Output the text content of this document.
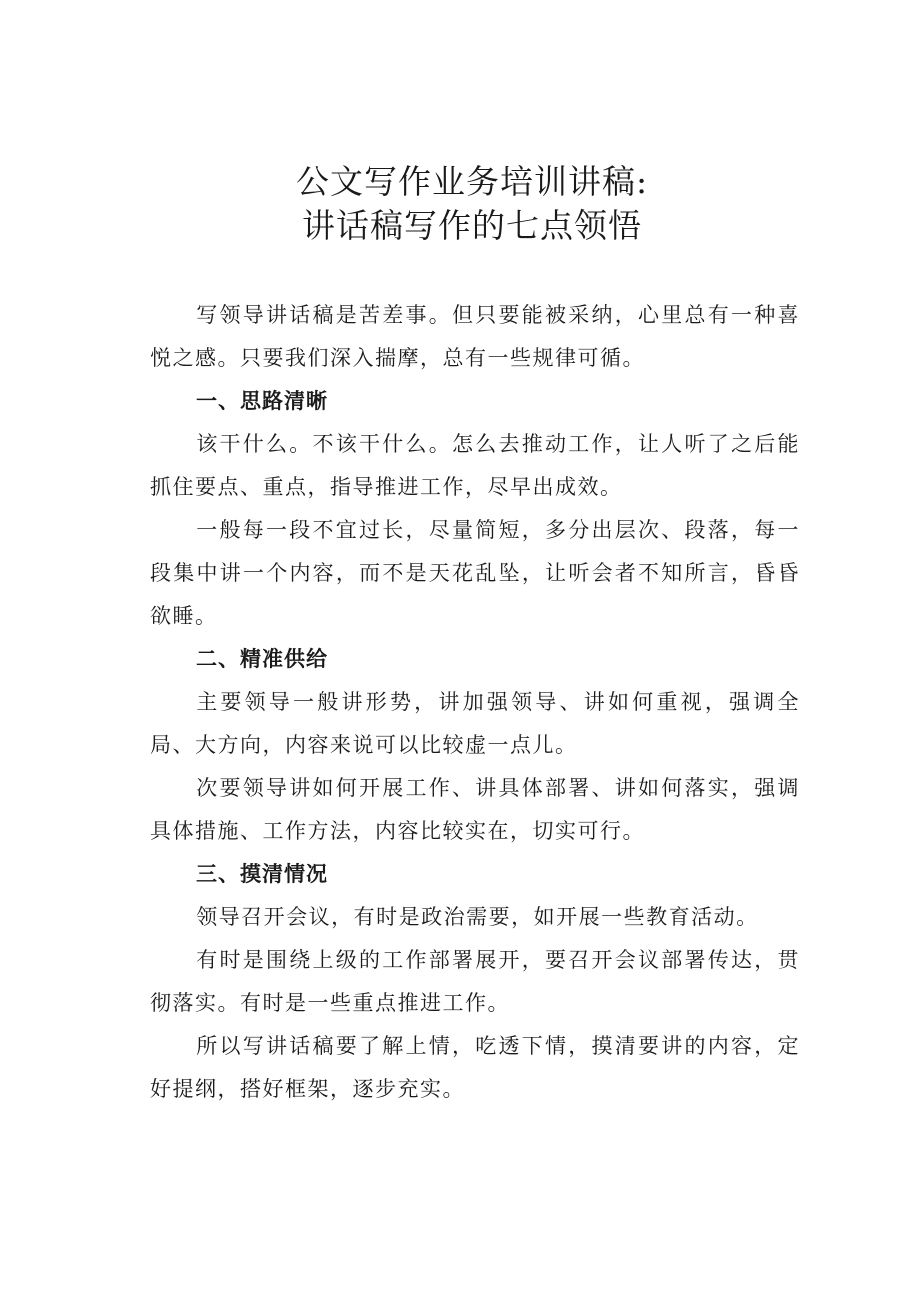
公文写作业务培训讲稿:
讲话稿写作的七点领悟

写领导讲话稿是苦差事。但只要能被采纳，心里总有一种喜悦之感。只要我们深入揣摩，总有一些规律可循。

一、思路清晰

该干什么。不该干什么。怎么去推动工作，让人听了之后能抓住要点、重点，指导推进工作，尽早出成效。

一般每一段不宜过长，尽量简短，多分出层次、段落，每一段集中讲一个内容，而不是天花乱坠，让听会者不知所言，昏昏欲睡。

二、精准供给

主要领导一般讲形势，讲加强领导、讲如何重视，强调全局、大方向，内容来说可以比较虚一点儿。

次要领导讲如何开展工作、讲具体部署、讲如何落实，强调具体措施、工作方法，内容比较实在，切实可行。

三、摸清情况

领导召开会议，有时是政治需要，如开展一些教育活动。

有时是围绕上级的工作部署展开，要召开会议部署传达，贯彻落实。有时是一些重点推进工作。

所以写讲话稿要了解上情，吃透下情，摸清要讲的内容，定好提纲，搭好框架，逐步充实。
